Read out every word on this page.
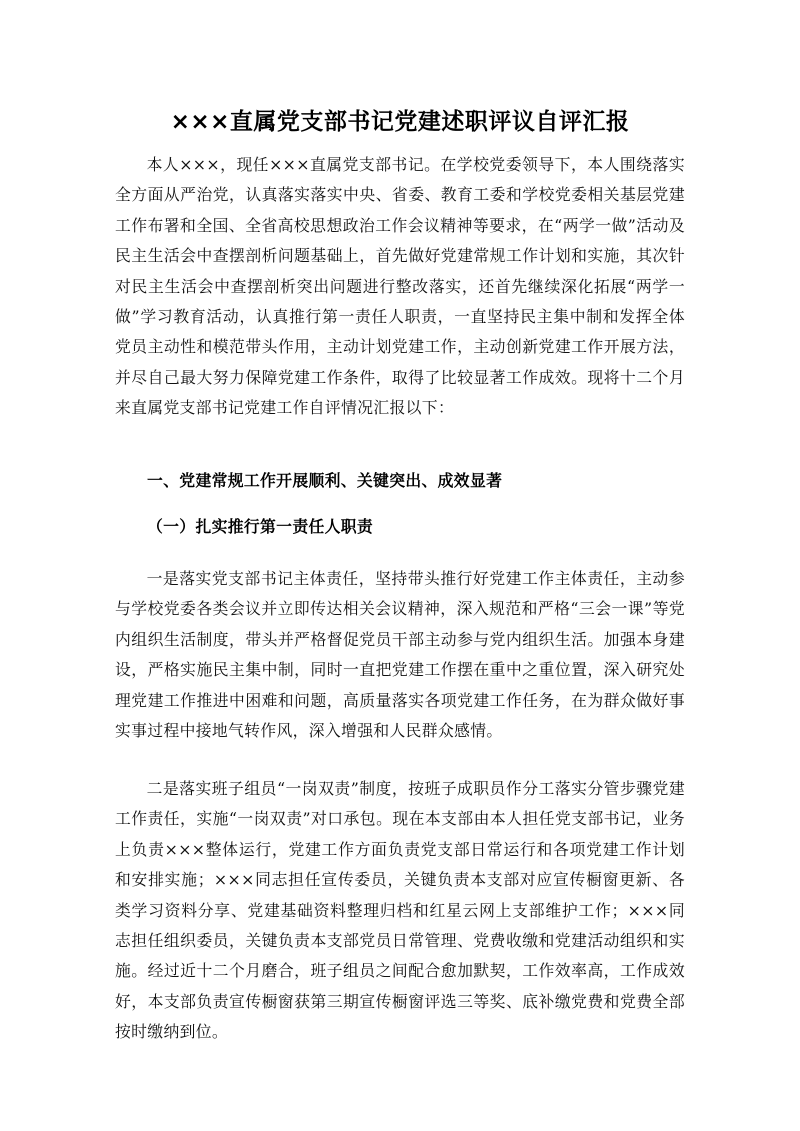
×××直属党支部书记党建述职评议自评汇报

本人×××，现任×××直属党支部书记。在学校党委领导下，本人围绕落实全方面从严治党，认真落实落实中央、省委、教育工委和学校党委相关基层党建工作布署和全国、全省高校思想政治工作会议精神等要求，在“两学一做”活动及民主生活会中查摆剖析问题基础上，首先做好党建常规工作计划和实施，其次针对民主生活会中查摆剖析突出问题进行整改落实，还首先继续深化拓展“两学一做”学习教育活动，认真推行第一责任人职责，一直坚持民主集中制和发挥全体党员主动性和模范带头作用，主动计划党建工作，主动创新党建工作开展方法，并尽自己最大努力保障党建工作条件，取得了比较显著工作成效。现将十二个月来直属党支部书记党建工作自评情况汇报以下：

一、党建常规工作开展顺利、关键突出、成效显著

（一）扎实推行第一责任人职责

一是落实党支部书记主体责任，坚持带头推行好党建工作主体责任，主动参与学校党委各类会议并立即传达相关会议精神，深入规范和严格“三会一课”等党内组织生活制度，带头并严格督促党员干部主动参与党内组织生活。加强本身建设，严格实施民主集中制，同时一直把党建工作摆在重中之重位置，深入研究处理党建工作推进中困难和问题，高质量落实各项党建工作任务，在为群众做好事实事过程中接地气转作风，深入增强和人民群众感情。

二是落实班子组员“一岗双责”制度，按班子成职员作分工落实分管步骤党建工作责任，实施“一岗双责”对口承包。现在本支部由本人担任党支部书记，业务上负责×××整体运行，党建工作方面负责党支部日常运行和各项党建工作计划和安排实施；×××同志担任宣传委员，关键负责本支部对应宣传橱窗更新、各类学习资料分享、党建基础资料整理归档和红星云网上支部维护工作；×××同志担任组织委员，关键负责本支部党员日常管理、党费收缴和党建活动组织和实施。经过近十二个月磨合，班子组员之间配合愈加默契，工作效率高，工作成效好，本支部负责宣传橱窗获第三期宣传橱窗评选三等奖、底补缴党费和党费全部按时缴纳到位。
